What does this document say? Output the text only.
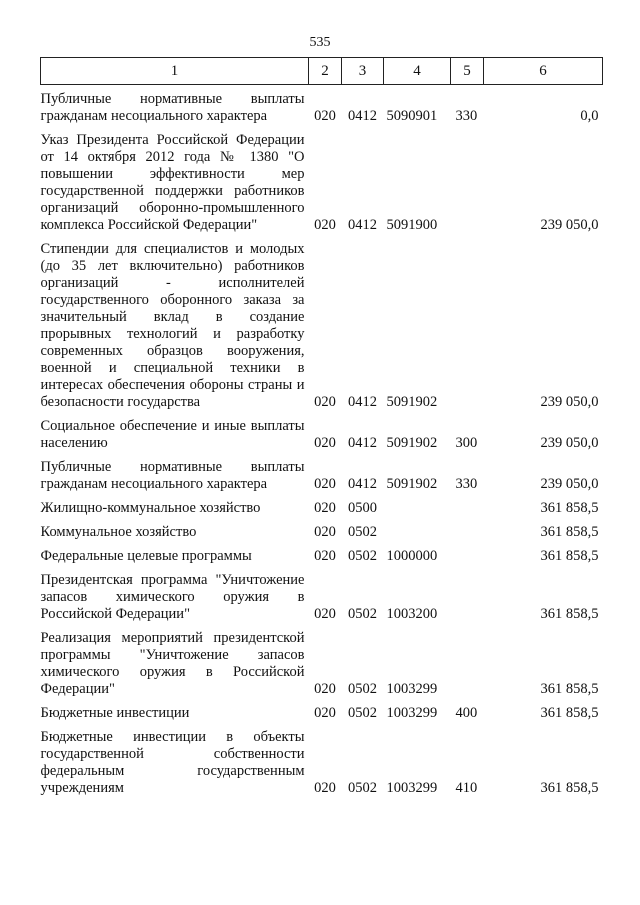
535
1	2	3	4	5	6
Публичные нормативные выплаты гражданам несоциального характера	020	0412	5090901	330	0,0
Указ Президента Российской Федерации от 14 октября 2012 года № 1380 "О повышении эффективности мер государственной поддержки работников организаций оборонно-промышленного комплекса Российской Федерации"	020	0412	5091900		239 050,0
Стипендии для специалистов и молодых (до 35 лет включительно) работников организаций - исполнителей государственного оборонного заказа за значительный вклад в создание прорывных технологий и разработку современных образцов вооружения, военной и специальной техники в интересах обеспечения обороны страны и безопасности государства	020	0412	5091902		239 050,0
Социальное обеспечение и иные выплаты населению	020	0412	5091902	300	239 050,0
Публичные нормативные выплаты гражданам несоциального характера	020	0412	5091902	330	239 050,0
Жилищно-коммунальное хозяйство	020	0500			361 858,5
Коммунальное хозяйство	020	0502			361 858,5
Федеральные целевые программы	020	0502	1000000		361 858,5
Президентская программа "Уничтожение запасов химического оружия в Российской Федерации"	020	0502	1003200		361 858,5
Реализация мероприятий президентской программы "Уничтожение запасов химического оружия в Российской Федерации"	020	0502	1003299		361 858,5
Бюджетные инвестиции	020	0502	1003299	400	361 858,5
Бюджетные инвестиции в объекты государственной собственности федеральным государственным учреждениям	020	0502	1003299	410	361 858,5
